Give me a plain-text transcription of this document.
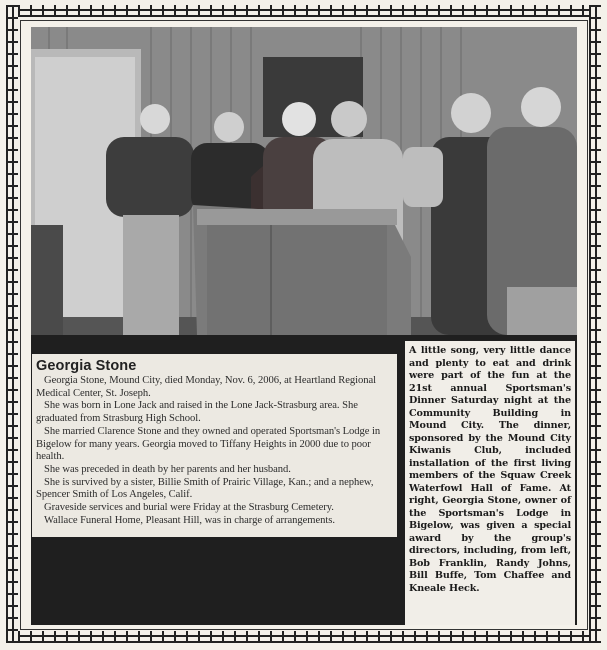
Georgia Stone

Georgia Stone, Mound City, died Monday, Nov. 6, 2006, at Heartland Regional Medical Center, St. Joseph.

She was born in Lone Jack and raised in the Lone Jack-Strasburg area. She graduated from Strasburg High School.

She married Clarence Stone and they owned and operated Sportsman's Lodge in Bigelow for many years. Georgia moved to Tiffany Heights in 2000 due to poor health.

She was preceded in death by her parents and her husband.

She is survived by a sister, Billie Smith of Prairic Village, Kan.; and a nephew, Spencer Smith of Los Angeles, Calif.

Graveside services and burial were Friday at the Strasburg Cemetery.

Wallace Funeral Home, Pleasant Hill, was in charge of arrangements.

A little song, very little dance and plenty to eat and drink were part of the fun at the 21st annual Sportsman's Dinner Saturday night at the Community Building in Mound City. The dinner, sponsored by the Mound City Kiwanis Club, included installation of the first living members of the Squaw Creek Waterfowl Hall of Fame. At right, Georgia Stone, owner of the Sportsman's Lodge in Bigelow, was given a special award by the group's directors, including, from left, Bob Franklin, Randy Johns, Bill Buffe, Tom Chaffee and Kneale Heck.
